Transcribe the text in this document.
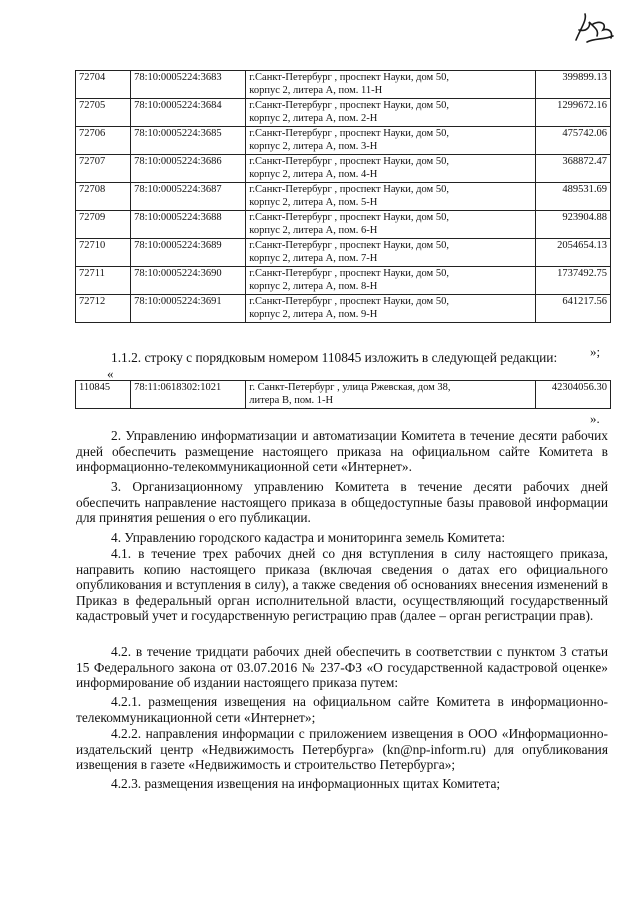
72704	78:10:0005224:3683	г.Санкт-Петербург , проспект Науки, дом 50,
корпус 2, литера А, пом. 11-Н	399899.13
72705	78:10:0005224:3684	г.Санкт-Петербург , проспект Науки, дом 50,
корпус 2, литера А, пом. 2-Н	1299672.16
72706	78:10:0005224:3685	г.Санкт-Петербург , проспект Науки, дом 50,
корпус 2, литера А, пом. 3-Н	475742.06
72707	78:10:0005224:3686	г.Санкт-Петербург , проспект Науки, дом 50,
корпус 2, литера А, пом. 4-Н	368872.47
72708	78:10:0005224:3687	г.Санкт-Петербург , проспект Науки, дом 50,
корпус 2, литера А, пом. 5-Н	489531.69
72709	78:10:0005224:3688	г.Санкт-Петербург , проспект Науки, дом 50,
корпус 2, литера А, пом. 6-Н	923904.88
72710	78:10:0005224:3689	г.Санкт-Петербург , проспект Науки, дом 50,
корпус 2, литера А, пом. 7-Н	2054654.13
72711	78:10:0005224:3690	г.Санкт-Петербург , проспект Науки, дом 50,
корпус 2, литера А, пом. 8-Н	1737492.75
72712	78:10:0005224:3691	г.Санкт-Петербург , проспект Науки, дом 50,
корпус 2, литера А, пом. 9-Н	641217.56
»;
1.1.2. строку с порядковым номером 110845 изложить в следующей редакции:
«
110845	78:11:0618302:1021	г. Санкт-Петербург , улица Ржевская, дом 38,
литера В, пом. 1-Н
	42304056.30
».

2. Управлению информатизации и автоматизации Комитета в течение десяти рабочих дней обеспечить размещение настоящего приказа на официальном сайте Комитета в информационно-телекоммуникационной сети «Интернет».

3. Организационному управлению Комитета в течение десяти рабочих дней обеспечить направление настоящего приказа в общедоступные базы правовой информации для принятия решения о его публикации.

4. Управлению городского кадастра и мониторинга земель Комитета:

4.1. в течение трех рабочих дней со дня вступления в силу настоящего приказа, направить копию настоящего приказа (включая сведения о датах его официального опубликования и вступления в силу), а также сведения об основаниях внесения изменений в Приказ в федеральный орган исполнительной власти, осуществляющий государственный кадастровый учет и государственную регистрацию прав (далее – орган регистрации прав).

4.2. в течение тридцати рабочих дней обеспечить в соответствии с пунктом 3 статьи 15 Федерального закона от 03.07.2016 № 237-ФЗ «О государственной кадастровой оценке» информирование об издании настоящего приказа путем:

4.2.1. размещения извещения на официальном сайте Комитета в информационно-телекоммуникационной сети «Интернет»;

4.2.2. направления информации с приложением извещения в ООО «Информационно-издательский центр «Недвижимость Петербурга» (kn@np-inform.ru) для опубликования извещения в газете «Недвижимость и строительство Петербурга»;

4.2.3. размещения извещения на информационных щитах Комитета;
